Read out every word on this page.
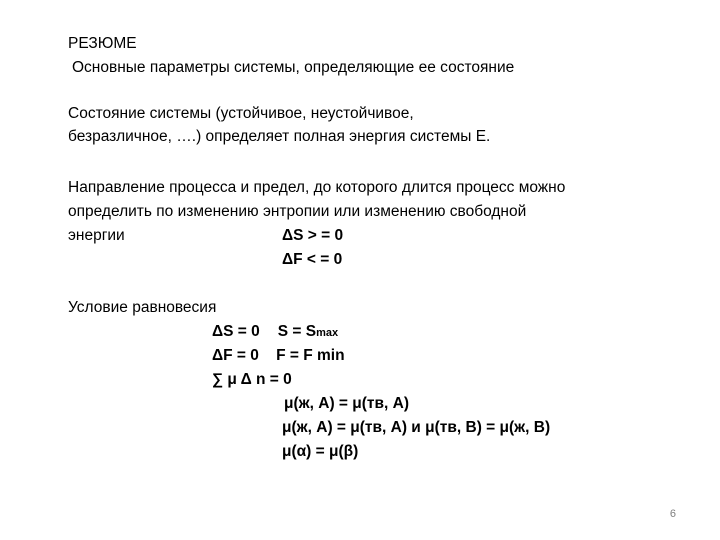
РЕЗЮМЕ
Основные параметры системы, определяющие ее состояние
Состояние системы (устойчивое, неустойчивое,
безразличное, ….) определяет полная энергия системы Е.
Направление процесса и предел, до которого длится процесс можно
определить по изменению энтропии или изменению свободной
энергии	ΔS > = 0
ΔF < = 0
Условие равновесия
ΔS = 0 S = Smax
ΔF = 0    F = F min
∑ μ Δ n = 0
μ(ж, A) = μ(тв, A)
μ(ж, A) = μ(тв, A) и μ(тв, B) = μ(ж, B)
μ(α) = μ(β)
6
